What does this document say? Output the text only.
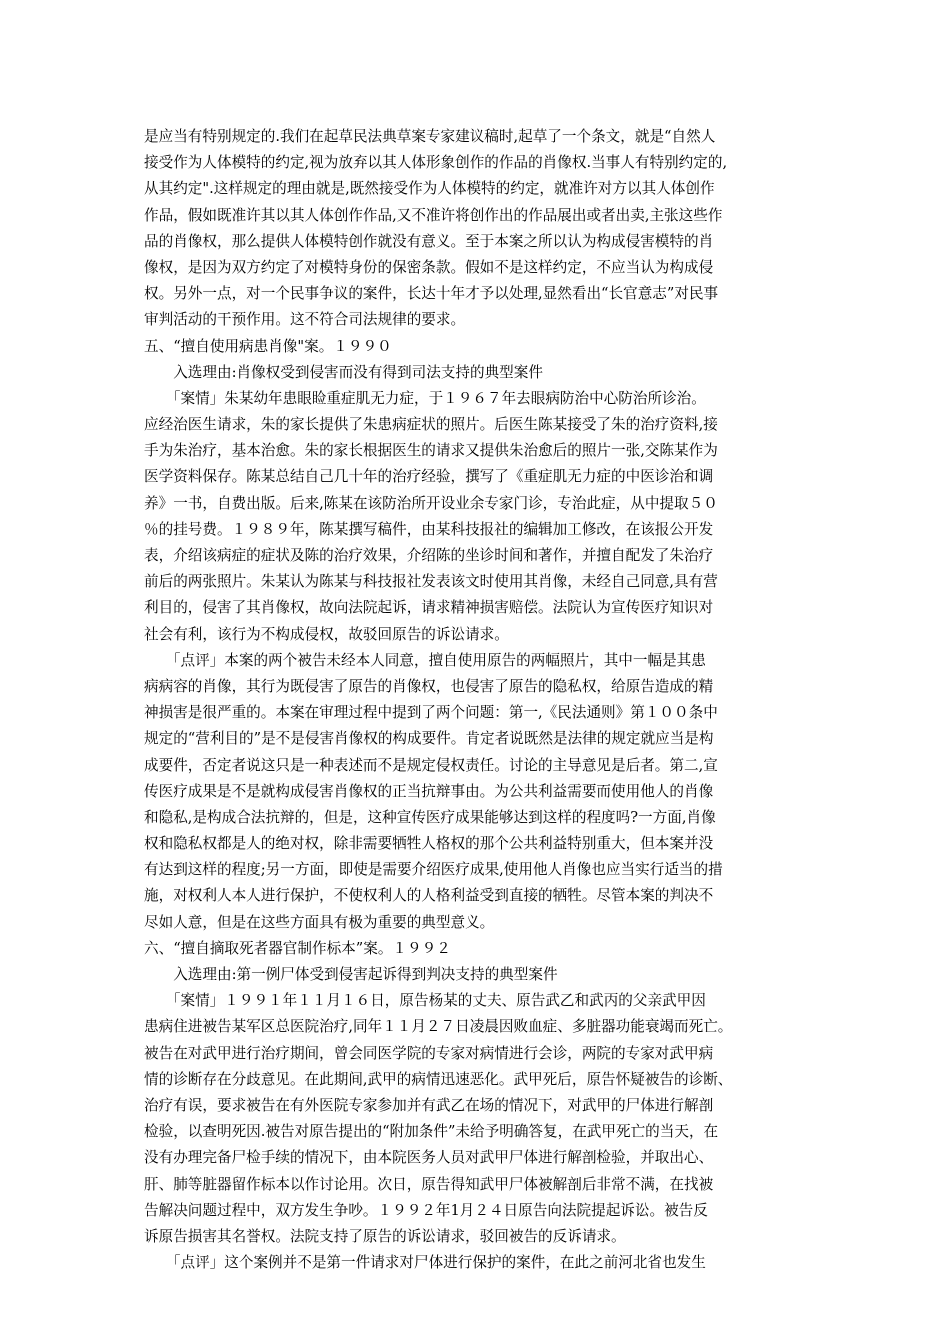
是应当有特别规定的.我们在起草民法典草案专家建议稿时,起草了一个条文，就是“自然人
接受作为人体模特的约定,视为放弃以其人体形象创作的作品的肖像权.当事人有特别约定的,
从其约定".这样规定的理由就是,既然接受作为人体模特的约定，就准许对方以其人体创作
作品，假如既准许其以其人体创作作品,又不准许将创作出的作品展出或者出卖,主张这些作
品的肖像权，那么提供人体模特创作就没有意义。至于本案之所以认为构成侵害模特的肖
像权，是因为双方约定了对模特身份的保密条款。假如不是这样约定，不应当认为构成侵
权。另外一点，对一个民事争议的案件，长达十年才予以处理,显然看出“长官意志”对民事
审判活动的干预作用。这不符合司法规律的要求。
五、“擅自使用病患肖像"案。１９９０
　　入选理由:肖像权受到侵害而没有得到司法支持的典型案件
　　「案情」朱某幼年患眼睑重症肌无力症，于１９６７年去眼病防治中心防治所诊治。
应经治医生请求，朱的家长提供了朱患病症状的照片。后医生陈某接受了朱的治疗资料,接
手为朱治疗，基本治愈。朱的家长根据医生的请求又提供朱治愈后的照片一张,交陈某作为
医学资料保存。陈某总结自己几十年的治疗经验，撰写了《重症肌无力症的中医诊治和调
养》一书，自费出版。后来,陈某在该防治所开设业余专家门诊，专治此症，从中提取５０
％的挂号费。１９８９年，陈某撰写稿件，由某科技报社的编辑加工修改，在该报公开发
表，介绍该病症的症状及陈的治疗效果，介绍陈的坐诊时间和著作，并擅自配发了朱治疗
前后的两张照片。朱某认为陈某与科技报社发表该文时使用其肖像，未经自己同意,具有营
利目的，侵害了其肖像权，故向法院起诉，请求精神损害赔偿。法院认为宣传医疗知识对
社会有利，该行为不构成侵权，故驳回原告的诉讼请求。
　　「点评」本案的两个被告未经本人同意，擅自使用原告的两幅照片，其中一幅是其患
病病容的肖像，其行为既侵害了原告的肖像权，也侵害了原告的隐私权，给原告造成的精
神损害是很严重的。本案在审理过程中提到了两个问题：第一,《民法通则》第１００条中
规定的“营利目的”是不是侵害肖像权的构成要件。肯定者说既然是法律的规定就应当是构
成要件，否定者说这只是一种表述而不是规定侵权责任。讨论的主导意见是后者。第二,宣
传医疗成果是不是就构成侵害肖像权的正当抗辩事由。为公共利益需要而使用他人的肖像
和隐私,是构成合法抗辩的，但是，这种宣传医疗成果能够达到这样的程度吗?一方面,肖像
权和隐私权都是人的绝对权，除非需要牺牲人格权的那个公共利益特别重大，但本案并没
有达到这样的程度;另一方面，即使是需要介绍医疗成果,使用他人肖像也应当实行适当的措
施，对权利人本人进行保护，不使权利人的人格利益受到直接的牺牲。尽管本案的判决不
尽如人意，但是在这些方面具有极为重要的典型意义。
六、“擅自摘取死者器官制作标本”案。１９９２
　　入选理由:第一例尸体受到侵害起诉得到判决支持的典型案件
　　「案情」１９９１年１１月１６日，原告杨某的丈夫、原告武乙和武丙的父亲武甲因
患病住进被告某军区总医院治疗,同年１１月２７日凌晨因败血症、多脏器功能衰竭而死亡。
被告在对武甲进行治疗期间，曾会同医学院的专家对病情进行会诊，两院的专家对武甲病
情的诊断存在分歧意见。在此期间,武甲的病情迅速恶化。武甲死后，原告怀疑被告的诊断、
治疗有误，要求被告在有外医院专家参加并有武乙在场的情况下，对武甲的尸体进行解剖
检验，以查明死因.被告对原告提出的“附加条件”未给予明确答复，在武甲死亡的当天，在
没有办理完备尸检手续的情况下，由本院医务人员对武甲尸体进行解剖检验，并取出心、
肝、肺等脏器留作标本以作讨论用。次日，原告得知武甲尸体被解剖后非常不满，在找被
告解决问题过程中，双方发生争吵。１９９２年1月２４日原告向法院提起诉讼。被告反
诉原告损害其名誉权。法院支持了原告的诉讼请求，驳回被告的反诉请求。
　　「点评」这个案例并不是第一件请求对尸体进行保护的案件，在此之前河北省也发生
